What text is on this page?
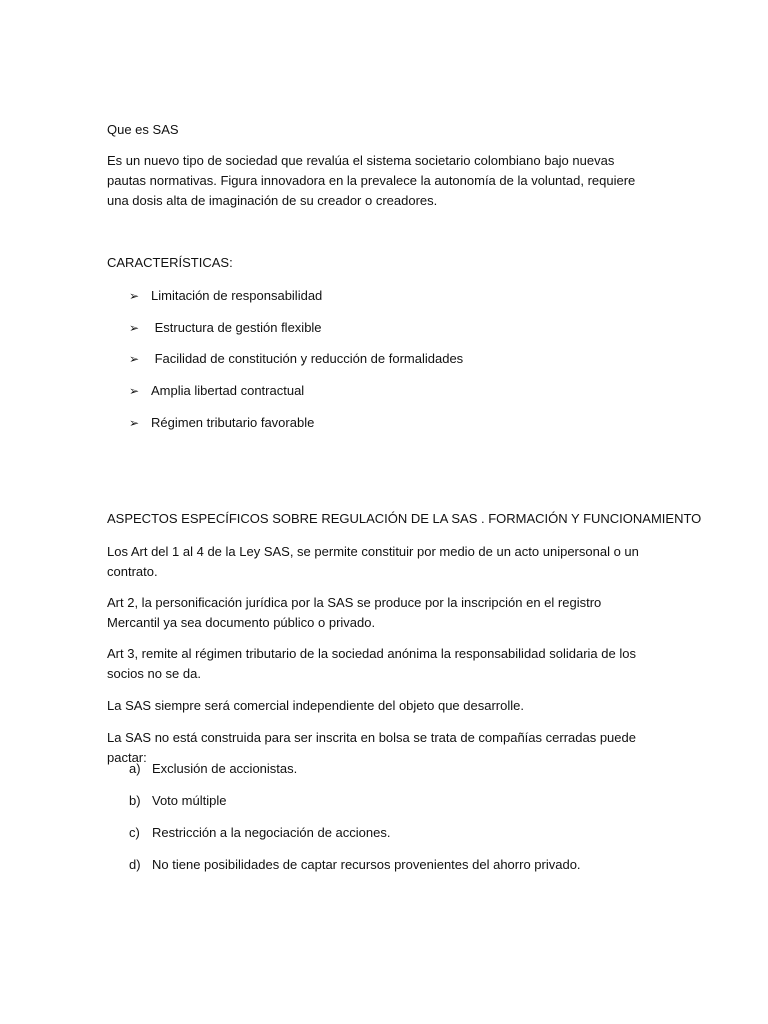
Que es SAS
Es un nuevo tipo de sociedad que revalúa el sistema societario colombiano bajo nuevas pautas normativas. Figura innovadora en la prevalece la autonomía de la voluntad, requiere una dosis alta de imaginación de su creador o creadores.
CARACTERÍSTICAS:
➢ Limitación de responsabilidad
➢ Estructura de gestión flexible
➢ Facilidad de constitución y reducción de formalidades
➢ Amplia libertad contractual
➢ Régimen tributario favorable
ASPECTOS ESPECÍFICOS SOBRE REGULACIÓN DE LA SAS . FORMACIÓN Y FUNCIONAMIENTO
Los Art del 1 al 4 de la Ley SAS, se permite constituir por medio de un acto unipersonal o un contrato.
Art 2, la personificación jurídica por la SAS se produce por la inscripción en el registro Mercantil ya sea documento público o privado.
Art 3, remite al régimen tributario de la sociedad anónima la responsabilidad solidaria de los socios no se da.
La SAS siempre será comercial independiente del objeto que desarrolle.
La SAS no está construida para ser inscrita en bolsa se trata de compañías cerradas puede pactar:
a) Exclusión de accionistas.
b) Voto múltiple
c) Restricción a la negociación de acciones.
d) No tiene posibilidades de captar recursos provenientes del ahorro privado.
